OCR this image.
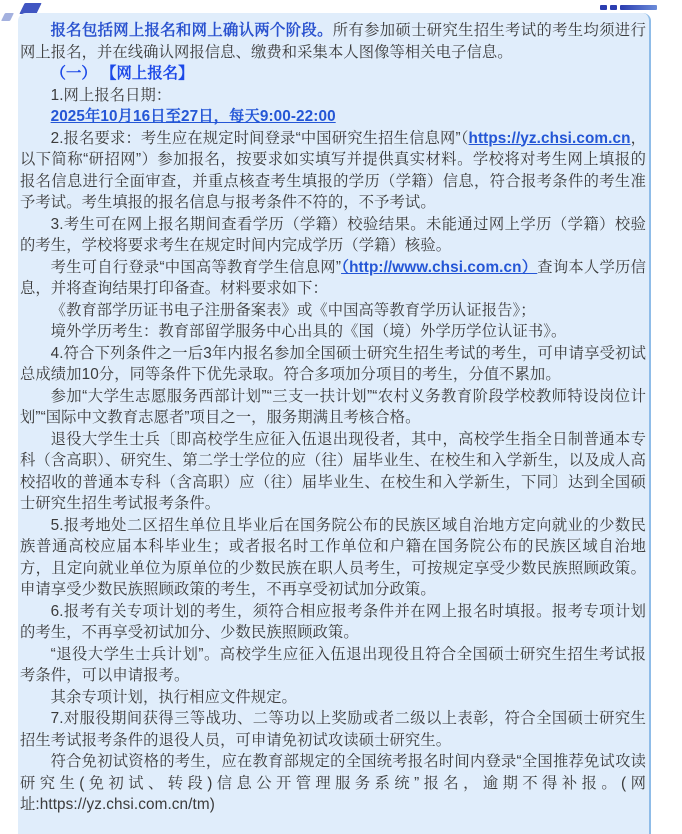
报名包括网上报名和网上确认两个阶段。所有参加硕士研究生招生考试的考生均须进行网上报名，并在线确认网报信息、缴费和采集本人图像等相关电子信息。

（一） 【网上报名】

1.网上报名日期：

2025年10月16日至27日，每天9:00-22:00

2.报名要求：考生应在规定时间登录“中国研究生招生信息网”（https://yz.chsi.com.cn，以下简称“研招网”）参加报名，按要求如实填写并提供真实材料。学校将对考生网上填报的报名信息进行全面审查，并重点核查考生填报的学历（学籍）信息，符合报考条件的考生准予考试。考生填报的报名信息与报考条件不符的，不予考试。

3.考生可在网上报名期间查看学历（学籍）校验结果。未能通过网上学历（学籍）校验的考生，学校将要求考生在规定时间内完成学历（学籍）核验。

考生可自行登录“中国高等教育学生信息网”（http://www.chsi.com.cn）查询本人学历信息，并将查询结果打印备查。材料要求如下：

《教育部学历证书电子注册备案表》或《中国高等教育学历认证报告》；

境外学历考生：教育部留学服务中心出具的《国（境）外学历学位认证书》。

4.符合下列条件之一后3年内报名参加全国硕士研究生招生考试的考生，可申请享受初试总成绩加10分，同等条件下优先录取。符合多项加分项目的考生，分值不累加。

参加“大学生志愿服务西部计划”“三支一扶计划”“农村义务教育阶段学校教师特设岗位计划”“国际中文教育志愿者”项目之一，服务期满且考核合格。

退役大学生士兵〔即高校学生应征入伍退出现役者，其中，高校学生指全日制普通本专科（含高职）、研究生、第二学士学位的应（往）届毕业生、在校生和入学新生，以及成人高校招收的普通本专科（含高职）应（往）届毕业生、在校生和入学新生，下同〕达到全国硕士研究生招生考试报考条件。

5.报考地处二区招生单位且毕业后在国务院公布的民族区域自治地方定向就业的少数民族普通高校应届本科毕业生；或者报名时工作单位和户籍在国务院公布的民族区域自治地方，且定向就业单位为原单位的少数民族在职人员考生，可按规定享受少数民族照顾政策。申请享受少数民族照顾政策的考生，不再享受初试加分政策。

6.报考有关专项计划的考生，须符合相应报考条件并在网上报名时填报。报考专项计划的考生，不再享受初试加分、少数民族照顾政策。

“退役大学生士兵计划”。高校学生应征入伍退出现役且符合全国硕士研究生招生考试报考条件，可以申请报考。

其余专项计划，执行相应文件规定。

7.对服役期间获得三等战功、二等功以上奖励或者二级以上表彰，符合全国硕士研究生招生考试报考条件的退役人员，可申请免初试攻读硕士研究生。

符合免初试资格的考生，应在教育部规定的全国统考报名时间内登录“全国推荐免试攻读研究生(免初试、转段)信息公开管理服务系统”报名，逾期不得补报。(网址:https://yz.chsi.com.cn/tm)
